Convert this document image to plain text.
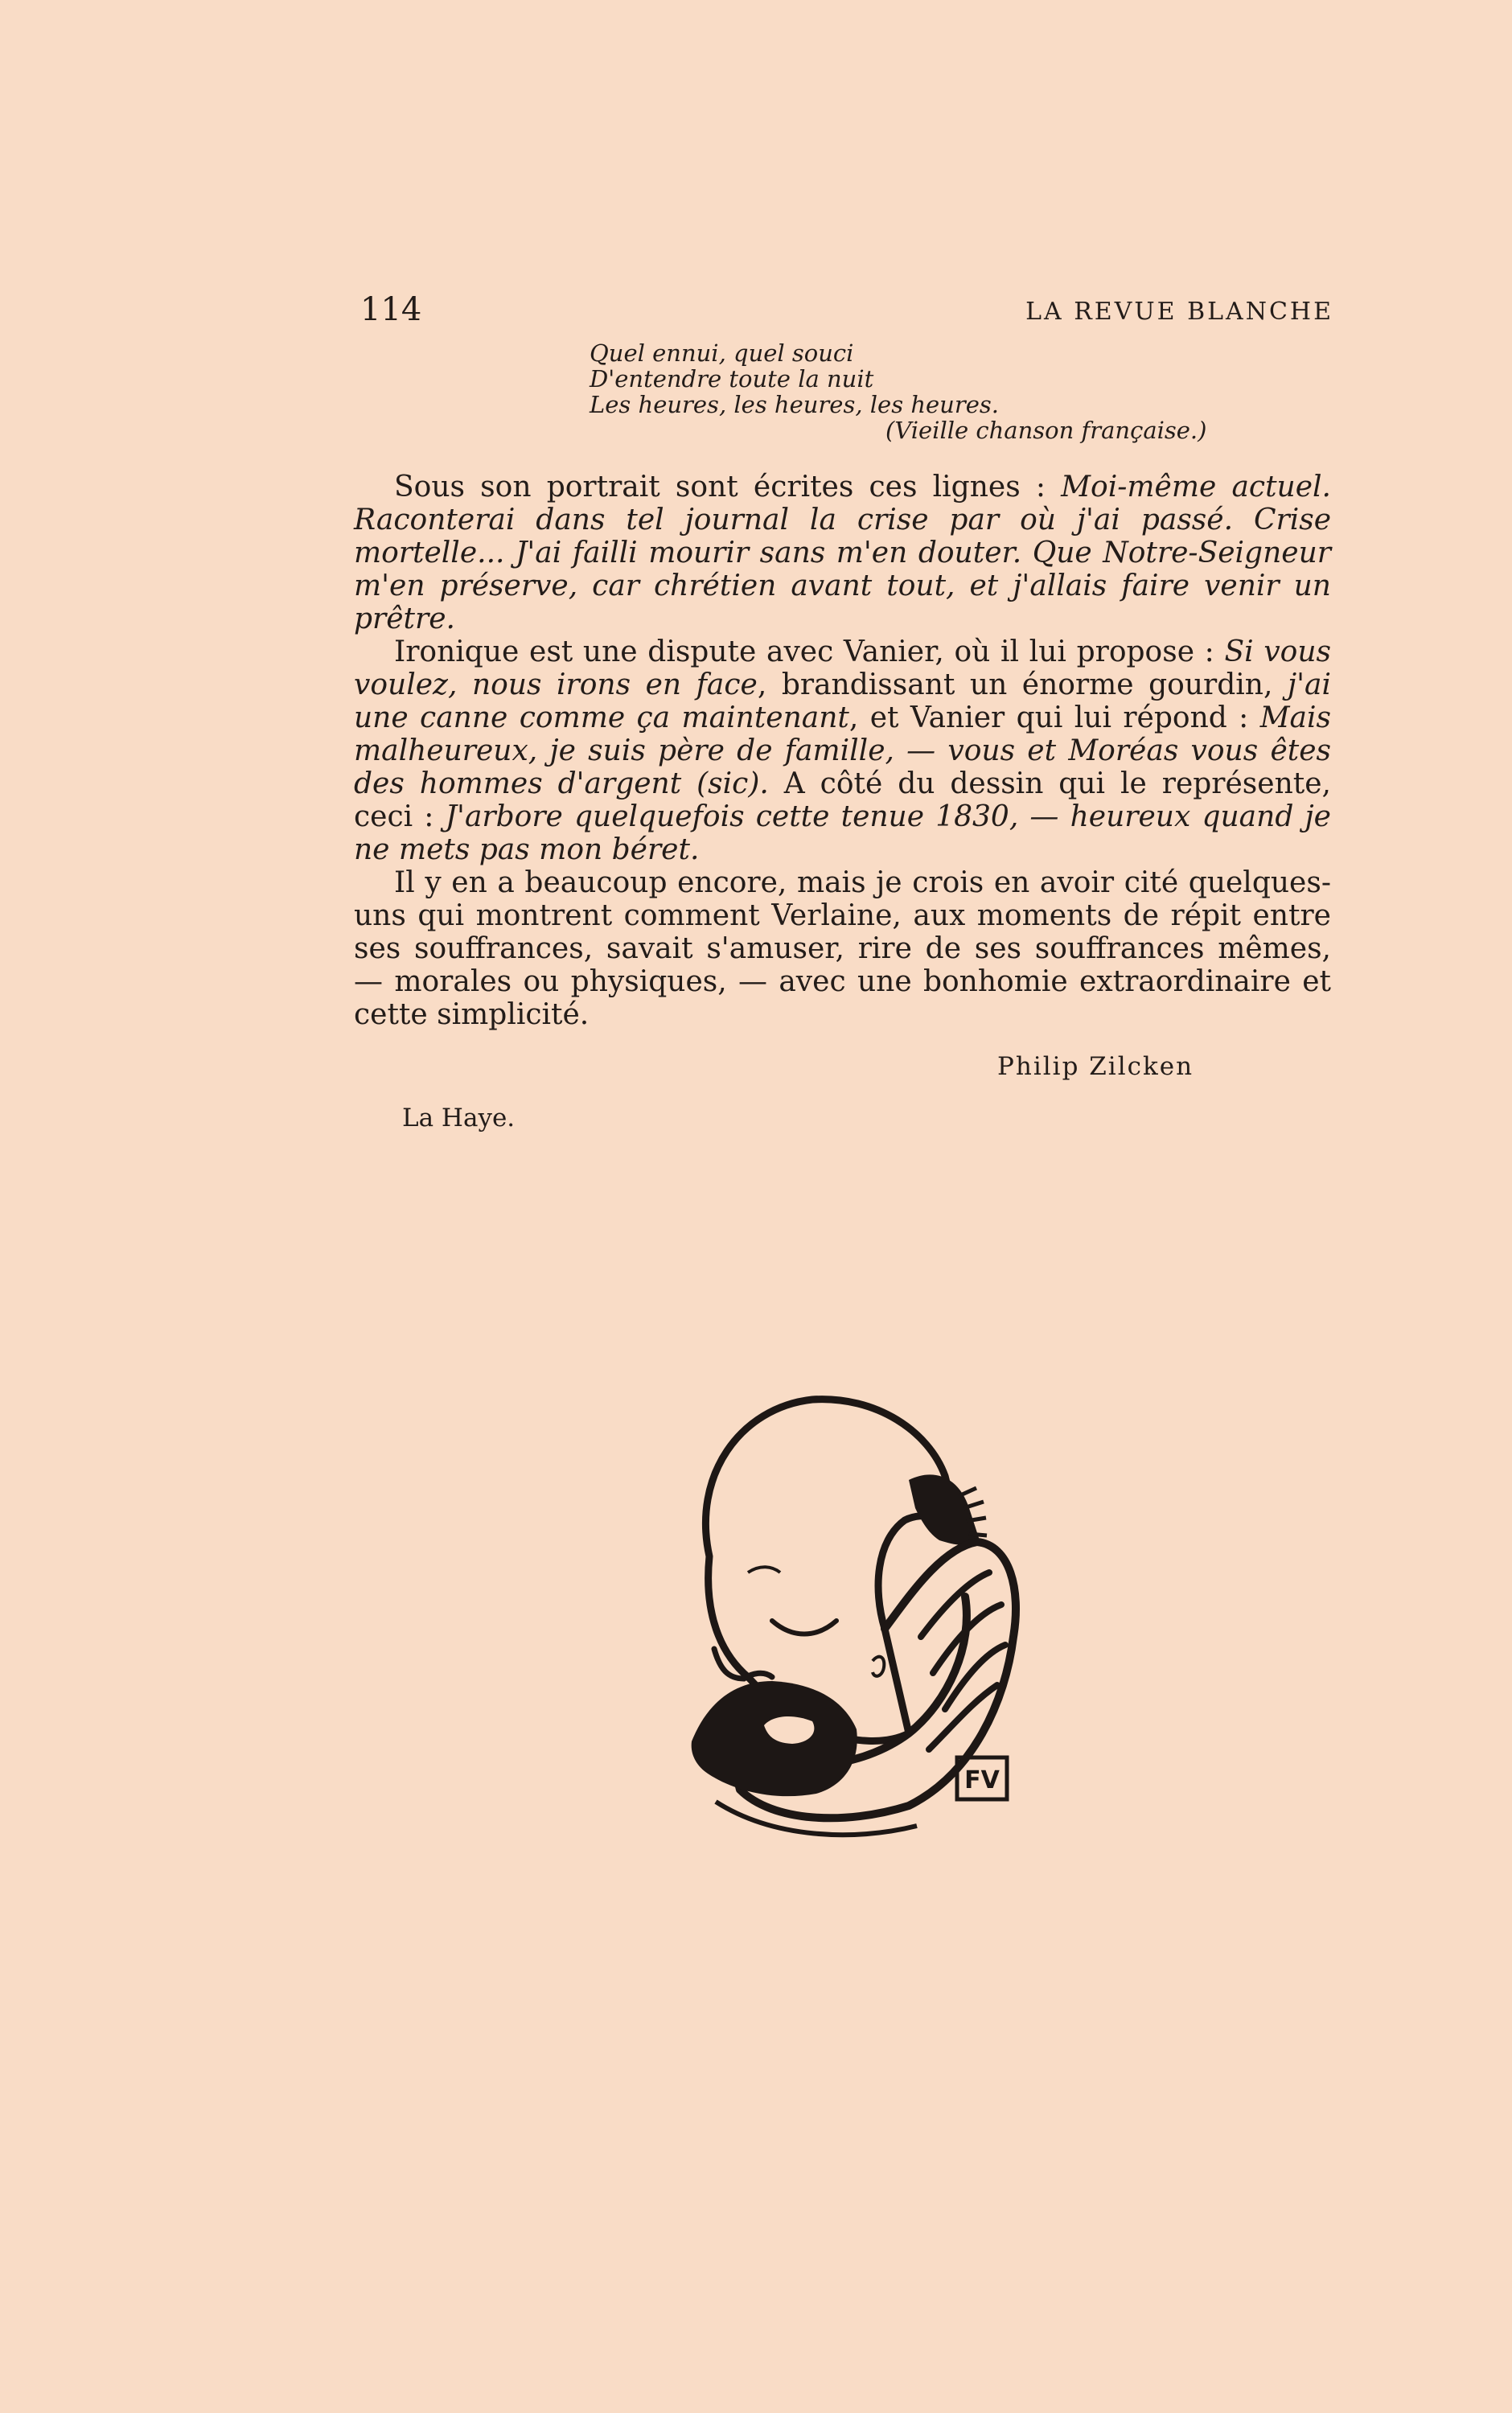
114	LA REVUE BLANCHE
Quel ennui, quel souci
D'entendre toute la nuit
Les heures, les heures, les heures.
(Vieille chanson française.)

Sous son portrait sont écrites ces lignes : Moi-même actuel. Raconterai dans tel journal la crise par où j'ai passé. Crise mortelle... J'ai failli mourir sans m'en douter. Que Notre-Seigneur m'en préserve, car chrétien avant tout, et j'allais faire venir un prêtre.

Ironique est une dispute avec Vanier, où il lui propose : Si vous voulez, nous irons en face, brandissant un énorme gourdin, j'ai une canne comme ça maintenant, et Vanier qui lui répond : Mais malheureux, je suis père de famille, — vous et Moréas vous êtes des hommes d'argent (sic). A côté du dessin qui le représente, ceci : J'arbore quelquefois cette tenue 1830, — heureux quand je ne mets pas mon béret.

Il y en a beaucoup encore, mais je crois en avoir cité quelques-uns qui montrent comment Verlaine, aux moments de répit entre ses souffrances, savait s'amuser, rire de ses souffrances mêmes, — morales ou physiques, — avec une bonhomie extraordinaire et cette simplicité.

Philip Zilcken
La Haye.
FV
